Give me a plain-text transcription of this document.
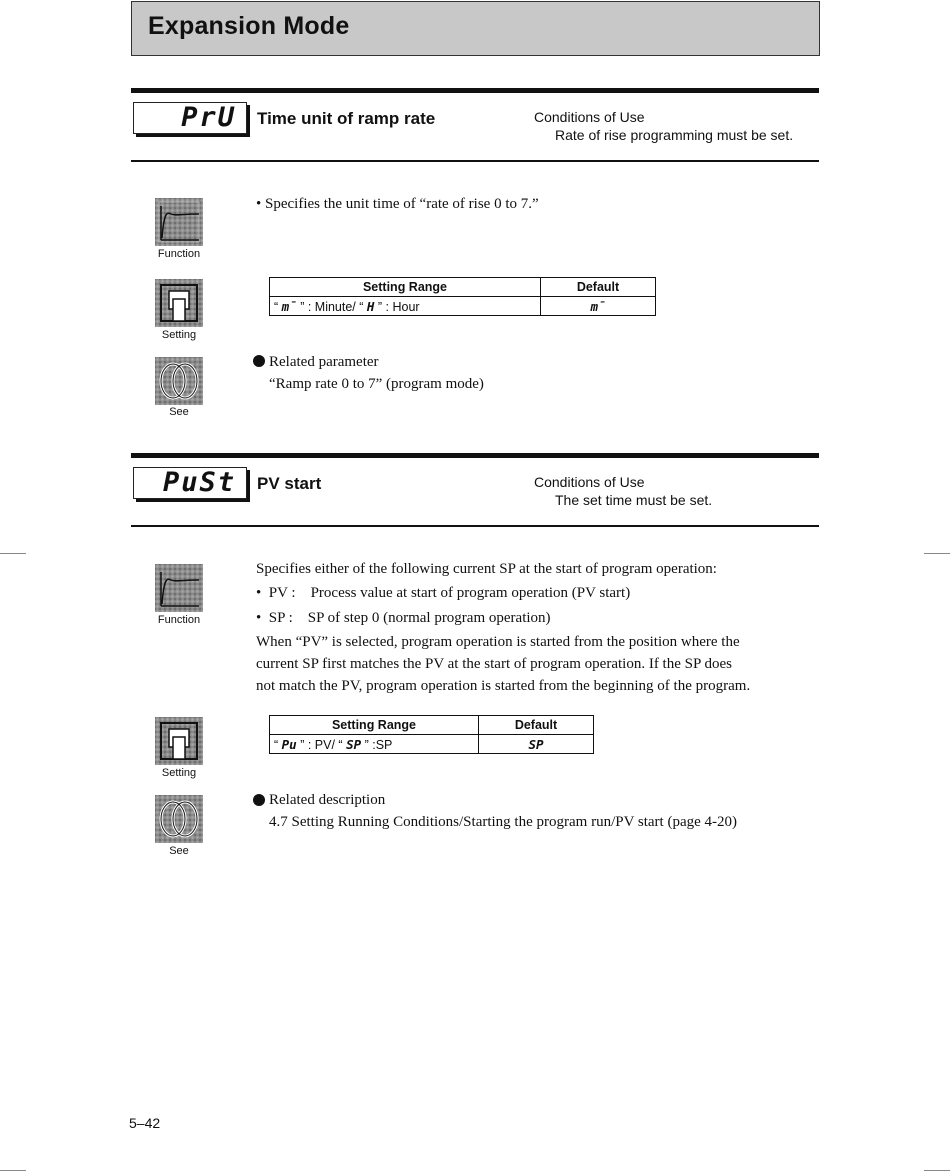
Expansion Mode
PrU Time unit of ramp rate	Conditions of Use
Rate of rise programming must be set.
Function
• Specifies the unit time of “rate of rise 0 to 7.”
Setting
Setting Range	Default
“ m̄ ” : Minute/ “ H ” : Hour	m̄
See
Related parameter
“Ramp rate 0 to 7” (program mode)
PuSt PV start	Conditions of Use
The set time must be set.
Function
Specifies either of the following current SP at the start of program operation:
•  PV :    Process value at start of program operation (PV start)
•  SP :    SP of step 0 (normal program operation)
When “PV” is selected, program operation is started from the position where the
current SP first matches the PV at the start of program operation. If the SP does
not match the PV, program operation is started from the beginning of the program.
Setting
Setting Range	Default
“ Pu ” : PV/ “ SP ” :SP	SP
See
Related description
4.7 Setting Running Conditions/Starting the program run/PV start (page 4-20)
5–42
